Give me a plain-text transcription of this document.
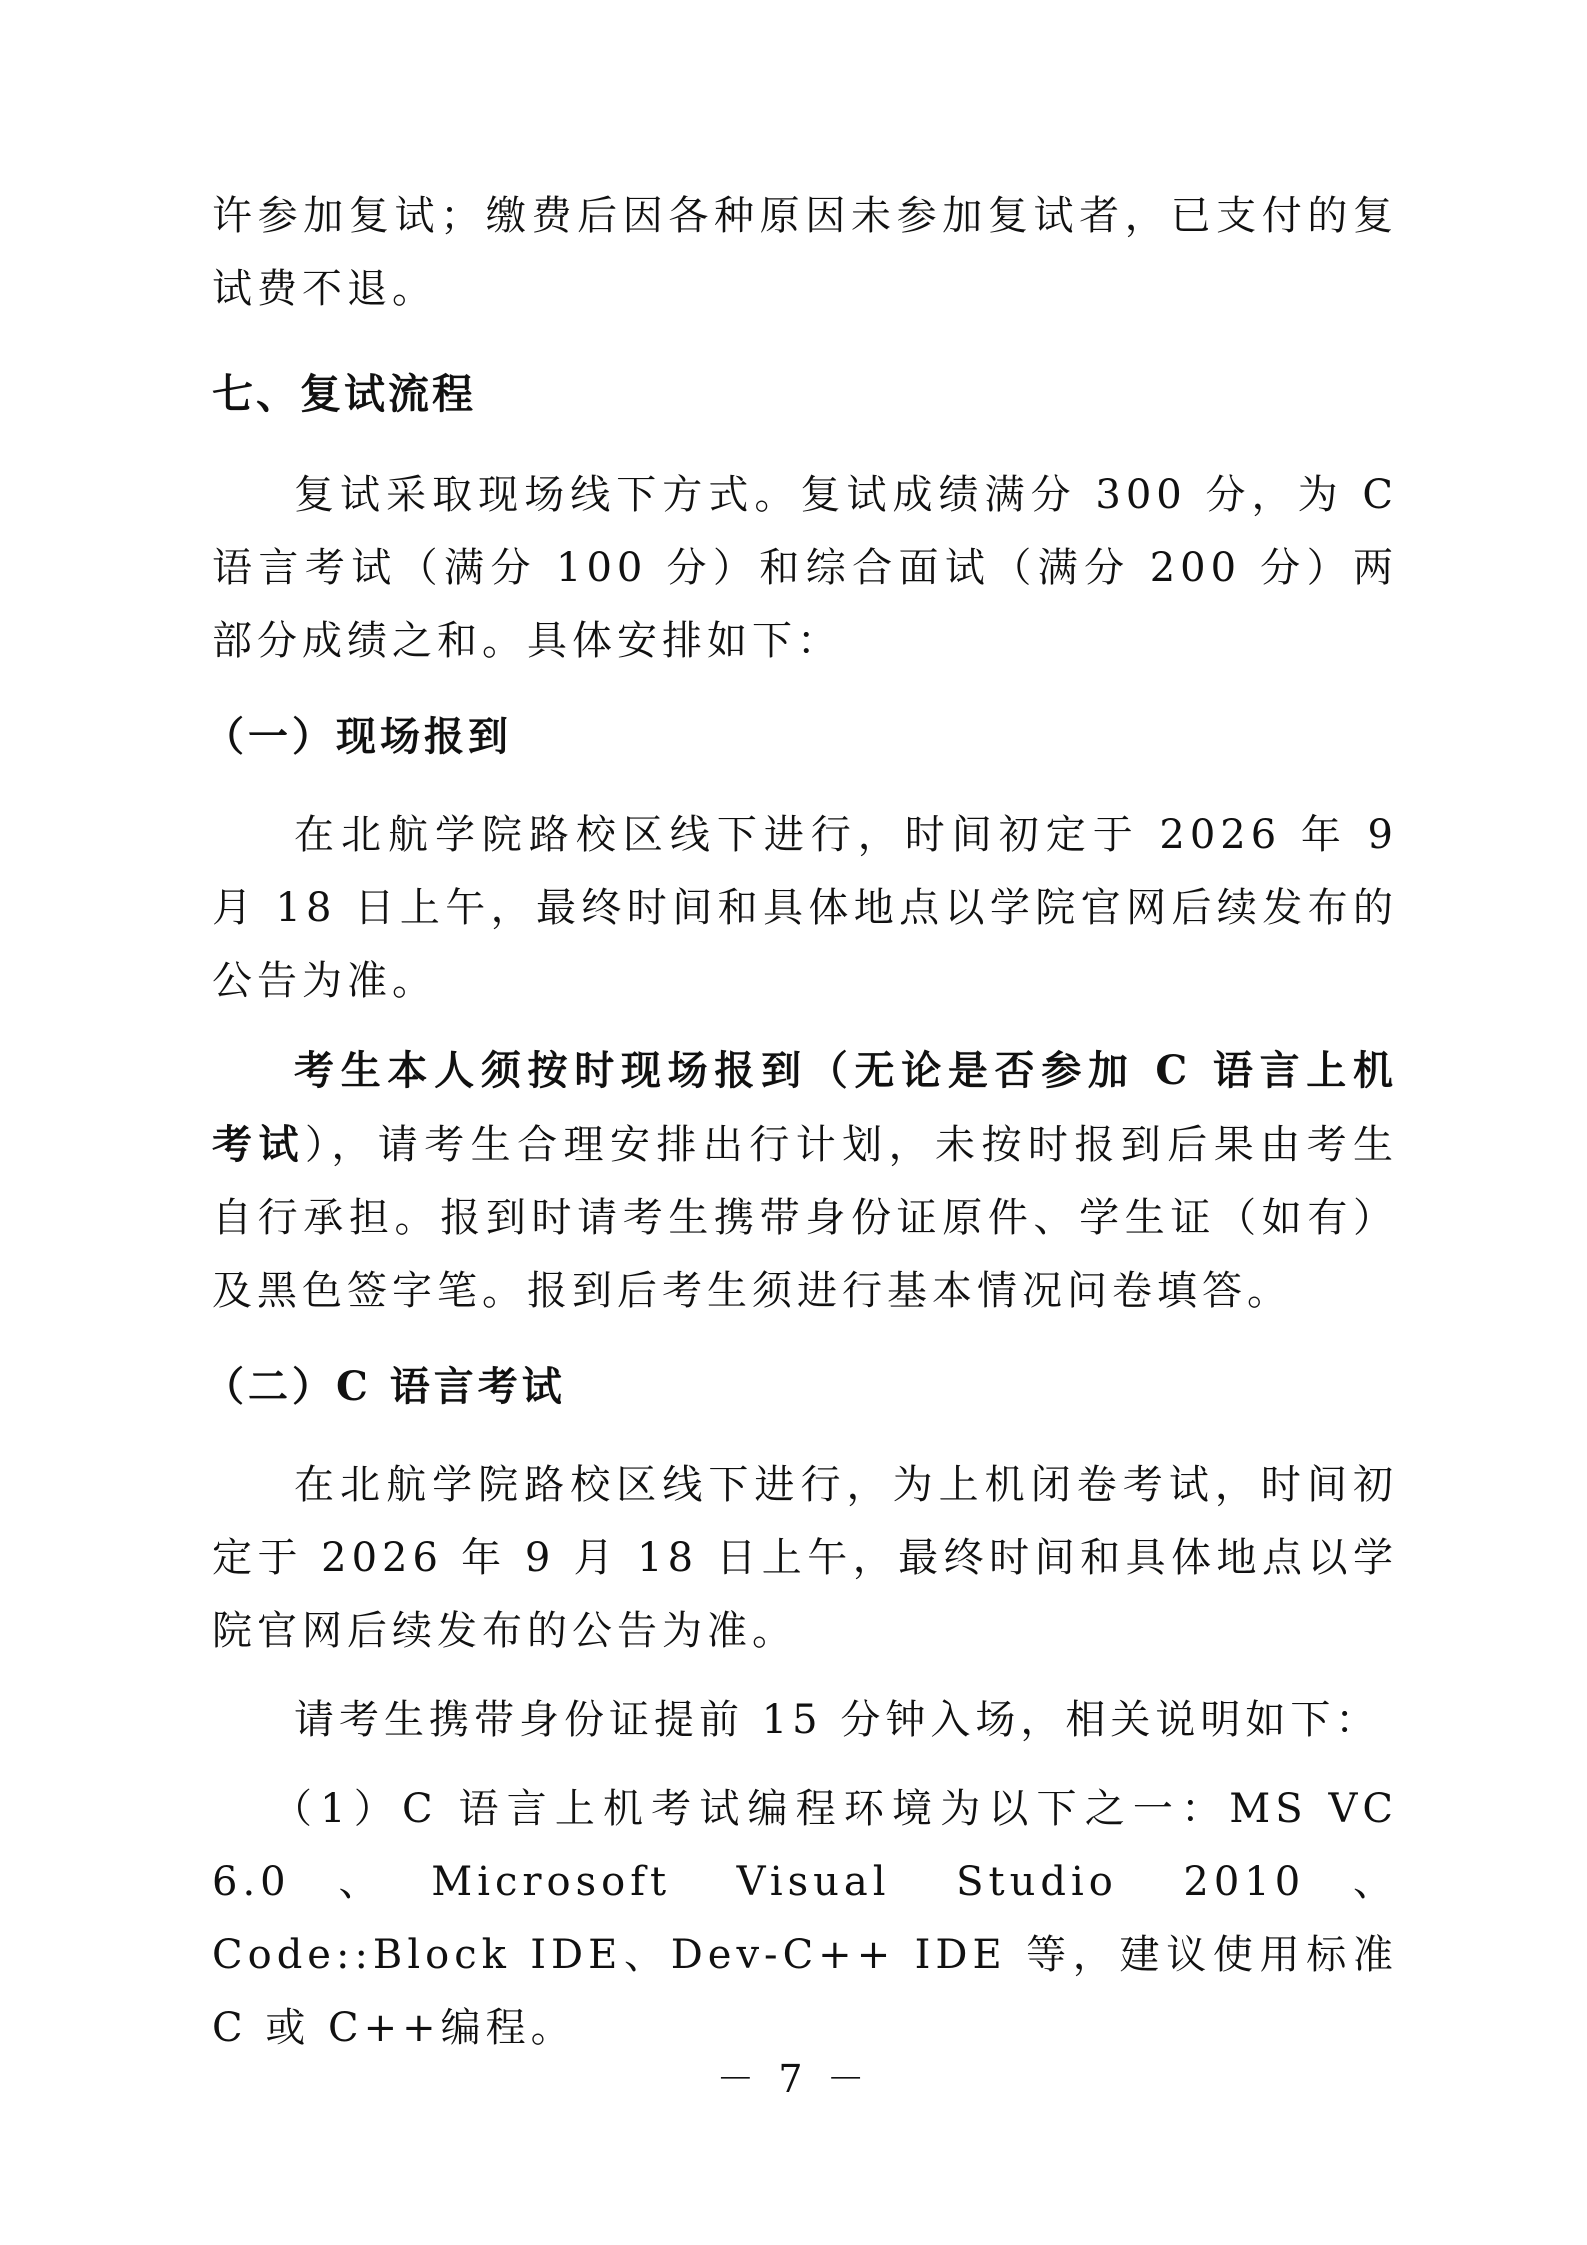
许参加复试；缴费后因各种原因未参加复试者，已支付的复试费不退。

七、复试流程

复试采取现场线下方式。复试成绩满分 300 分，为 C 语言考试（满分 100 分）和综合面试（满分 200 分）两部分成绩之和。具体安排如下：

（一）现场报到

在北航学院路校区线下进行，时间初定于 2026 年 9 月 18 日上午，最终时间和具体地点以学院官网后续发布的公告为准。

考生本人须按时现场报到（无论是否参加 C 语言上机考试），请考生合理安排出行计划，未按时报到后果由考生自行承担。报到时请考生携带身份证原件、学生证（如有）及黑色签字笔。报到后考生须进行基本情况问卷填答。

（二）C 语言考试

在北航学院路校区线下进行，为上机闭卷考试，时间初定于 2026 年 9 月 18 日上午，最终时间和具体地点以学院官网后续发布的公告为准。

请考生携带身份证提前 15 分钟入场，相关说明如下：

（1）C 语言上机考试编程环境为以下之一：MS VC 6.0、Microsoft Visual Studio 2010、Code::Block IDE、Dev-C++ IDE 等，建议使用标准 C 或 C++编程。

－ 7 －
